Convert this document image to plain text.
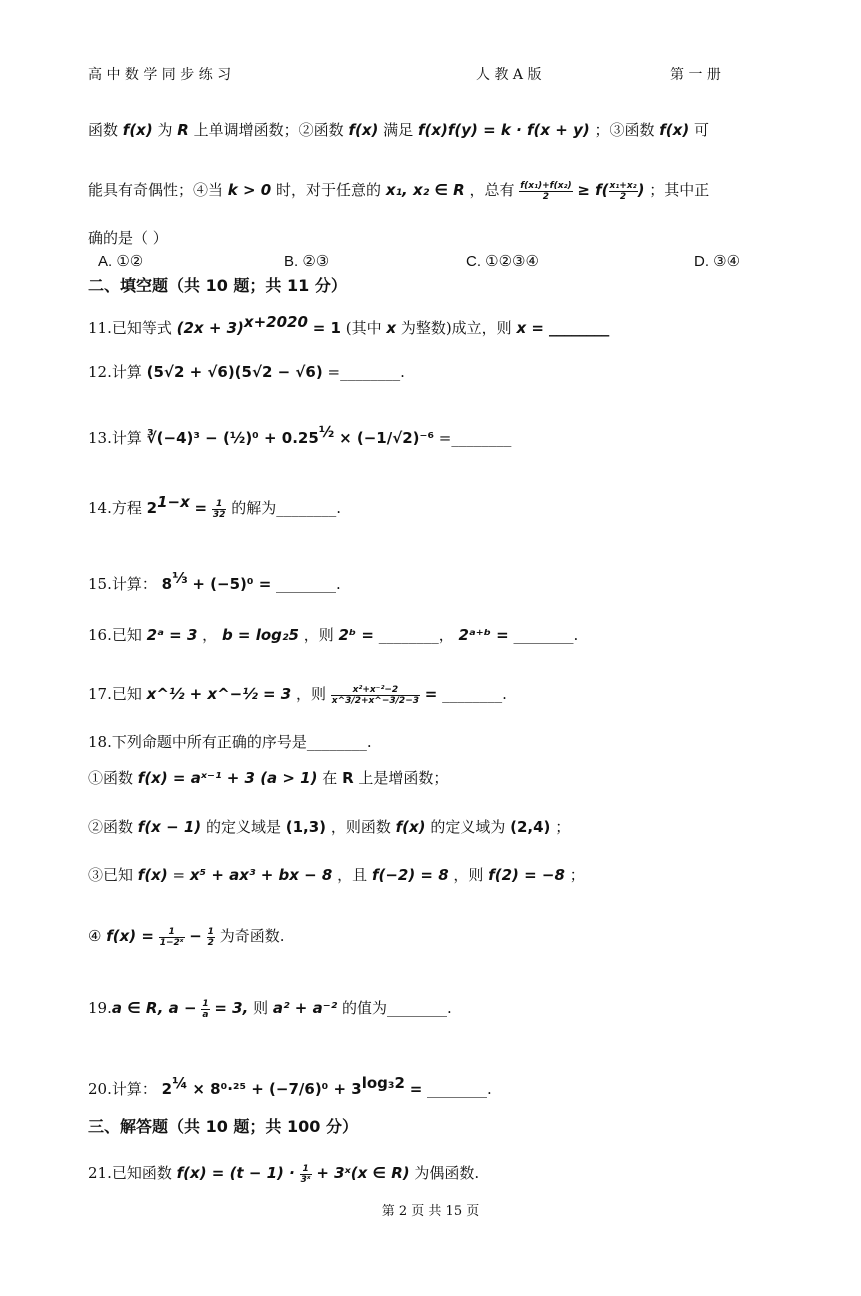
高 中 数 学 同 步 练 习	人 教 A 版	第 一 册
函数 f(x) 为 R 上单调增函数；②函数 f(x) 满足 f(x)f(y) = k · f(x + y) ；③函数 f(x) 可
能具有奇偶性；④当 k > 0 时，对于任意的 x₁, x₂ ∈ R ，总有 $\frac{\text{f(x₁)+f(x₂)}}{2} \ge f( \frac{\text{x₁+x₂}}{2}$ ) ；其中正
确的是（ ）
A. ①②	B. ②③	C. ①②③④	D. ③④
二、填空题（共 10 题；共 11 分）
11.已知等式 $(2x + 3)^{x+2020} = 1$ (其中 x 为整数)成立，则 x = ________
12.计算 (5√2 + √6)(5√2 − √6) =________.
13.计算 ∛(−4)³ − (½)⁰ + $0.25^{\frac{1}{2}} \times (-1/√2)^{-6}$ =________
14.方程 $2^{1-x} = \frac{1}{32}$ 的解为________.
15.计算： $8^{\frac{1}{3}} + (-5)^0$ = ________.
16.已知 2ᵃ = 3 ， b = log₂5 ，则 2ᵇ = ________， 2ᵃ⁺ᵇ = ________.
17.已知 x^½ + x^−½ = 3 ，则 $\frac{\text{x²+x⁻²−2}}{x\^{}3/2+x\^{}-3/2-3}$ = ________.
18.下列命题中所有正确的序号是________.
①函数 f(x) = aˣ⁻¹ + 3 (a > 1) 在 R 上是增函数；
②函数 f(x − 1) 的定义域是 (1,3) ，则函数 f(x) 的定义域为 (2,4) ；
③已知 f(x) = x⁵ + ax³ + bx − 8 ，且 f(−2) = 8 ，则 f(2) = −8 ；
④ $f(x) = \frac{1}{\text{1−2ˣ}} - \frac{1}{2}$ 为奇函数.
19.a ∈ R, $a - \frac{1}{a} = 3$, 则 a² + a⁻² 的值为________.
20.计算： $2^{\frac{1}{4}} \times 8^0\cdot^{25} + (-7/6)^0 + 3^{log_32}$ = ________.
三、解答题（共 10 题；共 100 分）
21.已知函数 $f(x) = (t - 1) \cdot \frac{1}{\text{3ˣ}}$ + 3ˣ(x ∈ R) 为偶函数.
第 2 页 共 15 页
